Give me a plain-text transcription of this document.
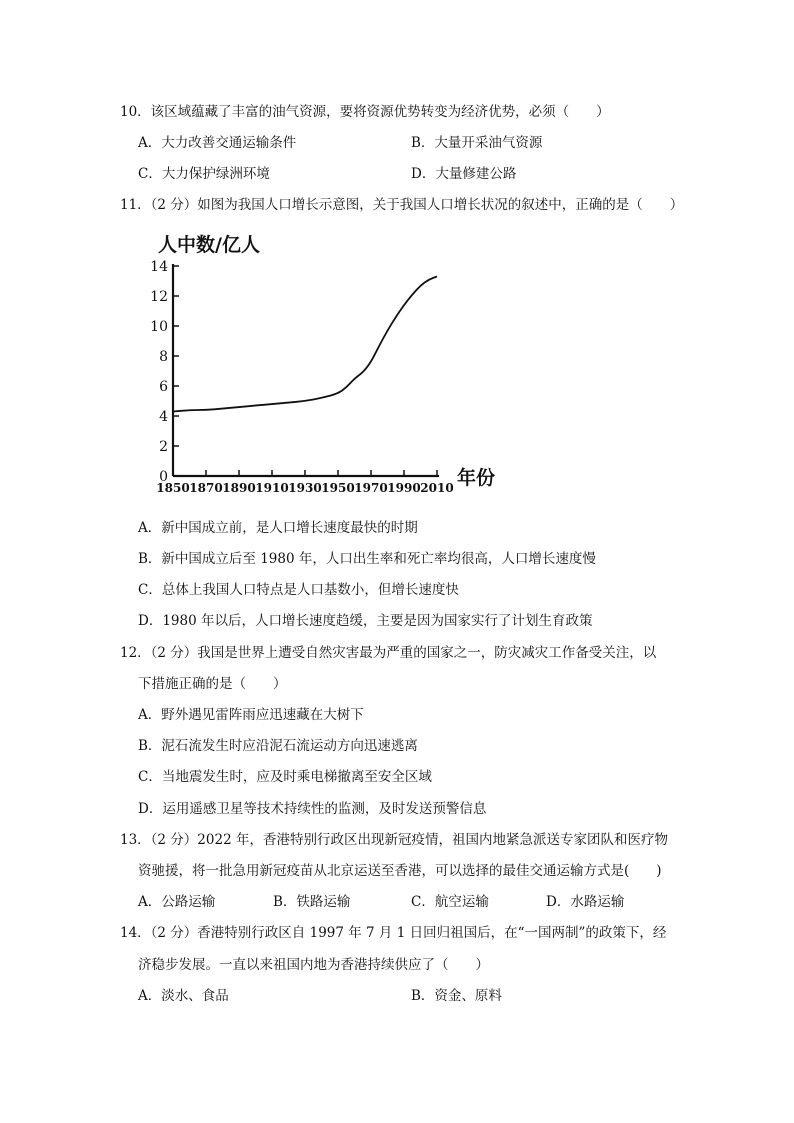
10．该区域蕴藏了丰富的油气资源，要将资源优势转变为经济优势，必须（　　）
A．大力改善交通运输条件	B．大量开采油气资源
C．大力保护绿洲环境	D．大量修建公路
11．（2 分）如图为我国人口增长示意图，关于我国人口增长状况的叙述中，正确的是（　　）
人中数/亿人
年份
0
2
4
6
8
10
12
14
1850 1870 1890 1910 1930 1950 1970 1990 2010
A．新中国成立前，是人口增长速度最快的时期
B．新中国成立后至 1980 年，人口出生率和死亡率均很高，人口增长速度慢
C．总体上我国人口特点是人口基数小，但增长速度快
D．1980 年以后，人口增长速度趋缓，主要是因为国家实行了计划生育政策
12．（2 分）我国是世界上遭受自然灾害最为严重的国家之一，防灾减灾工作备受关注，以
下措施正确的是（　　）
A．野外遇见雷阵雨应迅速藏在大树下
B．泥石流发生时应沿泥石流运动方向迅速逃离
C．当地震发生时，应及时乘电梯撤离至安全区域
D．运用遥感卫星等技术持续性的监测，及时发送预警信息
13．（2 分）2022 年，香港特别行政区出现新冠疫情，祖国内地紧急派送专家团队和医疗物
资驰援，将一批急用新冠疫苗从北京运送至香港，可以选择的最佳交通运输方式是(　　)
A．公路运输	B．铁路运输	C．航空运输	D．水路运输
14．（2 分）香港特别行政区自 1997 年 7 月 1 日回归祖国后，在“一国两制”的政策下，经
济稳步发展。一直以来祖国内地为香港持续供应了（　　）
A．淡水、食品	B．资金、原料
